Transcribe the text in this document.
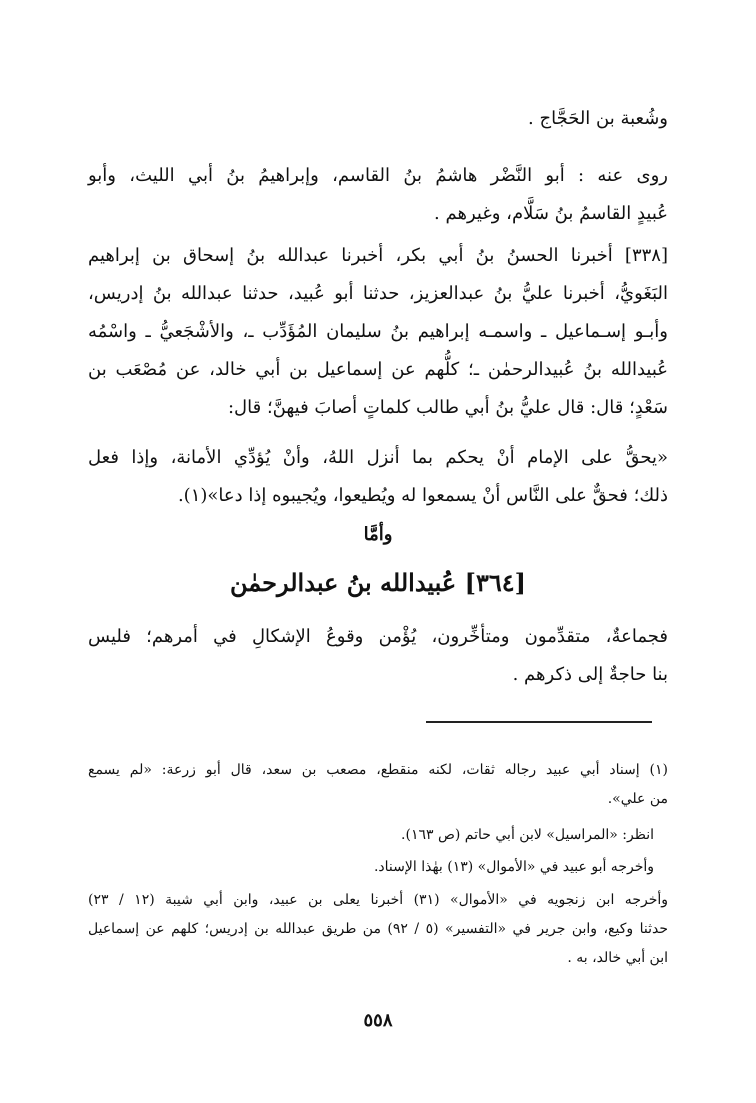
وشُعبة بن الحَجَّاج .
روى عنه : أبو النَّضْر هاشمُ بنُ القاسم، وإبراهيمُ بنُ أبي الليث، وأبو
عُبيدٍ القاسمُ بنُ سَلَّام، وغيرهم .
[٣٣٨] أخبرنا الحسنُ بنُ أبي بكر، أخبرنا عبدالله بنُ إسحاق بن إبراهيم
البَغَويُّ، أخبرنا عليُّ بنُ عبدالعزيز، حدثنا أبو عُبيد، حدثنا عبدالله بنُ إدريس،
وأبـو إسـماعيل ـ واسمـه إبراهيم بنُ سليمان المُؤَدِّب ـ، والأشْجَعيُّ ـ واسْمُه
عُبيدالله بنُ عُبيدالرحمٰن ـ؛ كلُّهم عن إسماعيل بن أبي خالد، عن مُصْعَب بن
سَعْدٍ؛ قال: قال عليُّ بنُ أبي طالب كلماتٍ أصابَ فيهنَّ؛ قال:
«يحقُّ على الإمام أنْ يحكم بما أنزل اللهُ، وأنْ يُؤدِّي الأمانة، وإذا فعل
ذلك؛ فحقٌّ على النَّاس أنْ يسمعوا له ويُطيعوا، ويُجيبوه إذا دعا»(١).
وأمَّا
[٣٦٤] عُبيدالله بنُ عبدالرحمٰن
فجماعةٌ، متقدِّمون ومتأخِّرون، يُؤْمن وقوعُ الإشكالِ في أمرهم؛ فليس
بنا حاجةٌ إلى ذكرهم .
(١) إسناد أبي عبيد رجاله ثقات، لكنه منقطع، مصعب بن سعد، قال أبو زرعة: «لم يسمع
من علي».
انظر: «المراسيل» لابن أبي حاتم (ص ١٦٣).
وأخرجه أبو عبيد في «الأموال» (١٣) بهٰذا الإسناد.
وأخرجه ابن زنجويه في «الأموال» (٣١) أخبرنا يعلى بن عبيد، وابن أبي شيبة (١٢ / ٢٣)
حدثنا وكيع، وابن جرير في «التفسير» (٥ / ٩٢) من طريق عبدالله بن إدريس؛ كلهم عن إسماعيل
ابن أبي خالد، به .
٥٥٨
